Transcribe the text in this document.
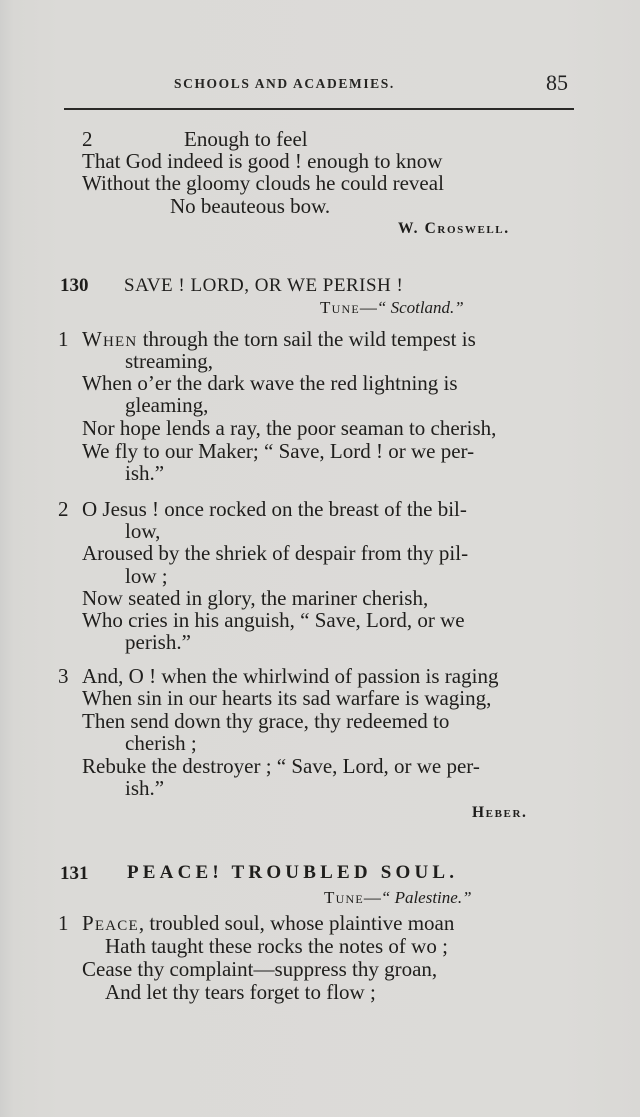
SCHOOLS AND ACADEMIES.	85
2	Enough to feel
That God indeed is good ! enough to know
Without the gloomy clouds he could reveal
No beauteous bow.
W. Croswell.
130 SAVE ! LORD, OR WE PERISH !
Tune—“ Scotland.”
1 When through the torn sail the wild tempest is
streaming,
When o’er the dark wave the red lightning is
gleaming,
Nor hope lends a ray, the poor seaman to cherish,
We fly to our Maker; “ Save, Lord ! or we per-
ish.”
2 O Jesus ! once rocked on the breast of the bil-
low,
Aroused by the shriek of despair from thy pil-
low ;
Now seated in glory, the mariner cherish,
Who cries in his anguish, “ Save, Lord, or we
perish.”
3 And, O ! when the whirlwind of passion is raging
When sin in our hearts its sad warfare is waging,
Then send down thy grace, thy redeemed to
cherish ;
Rebuke the destroyer ; “ Save, Lord, or we per-
ish.”
Heber.
131 PEACE! TROUBLED SOUL.
Tune—“ Palestine.”
1 Peace, troubled soul, whose plaintive moan
Hath taught these rocks the notes of wo ;
Cease thy complaint—suppress thy groan,
And let thy tears forget to flow ;
